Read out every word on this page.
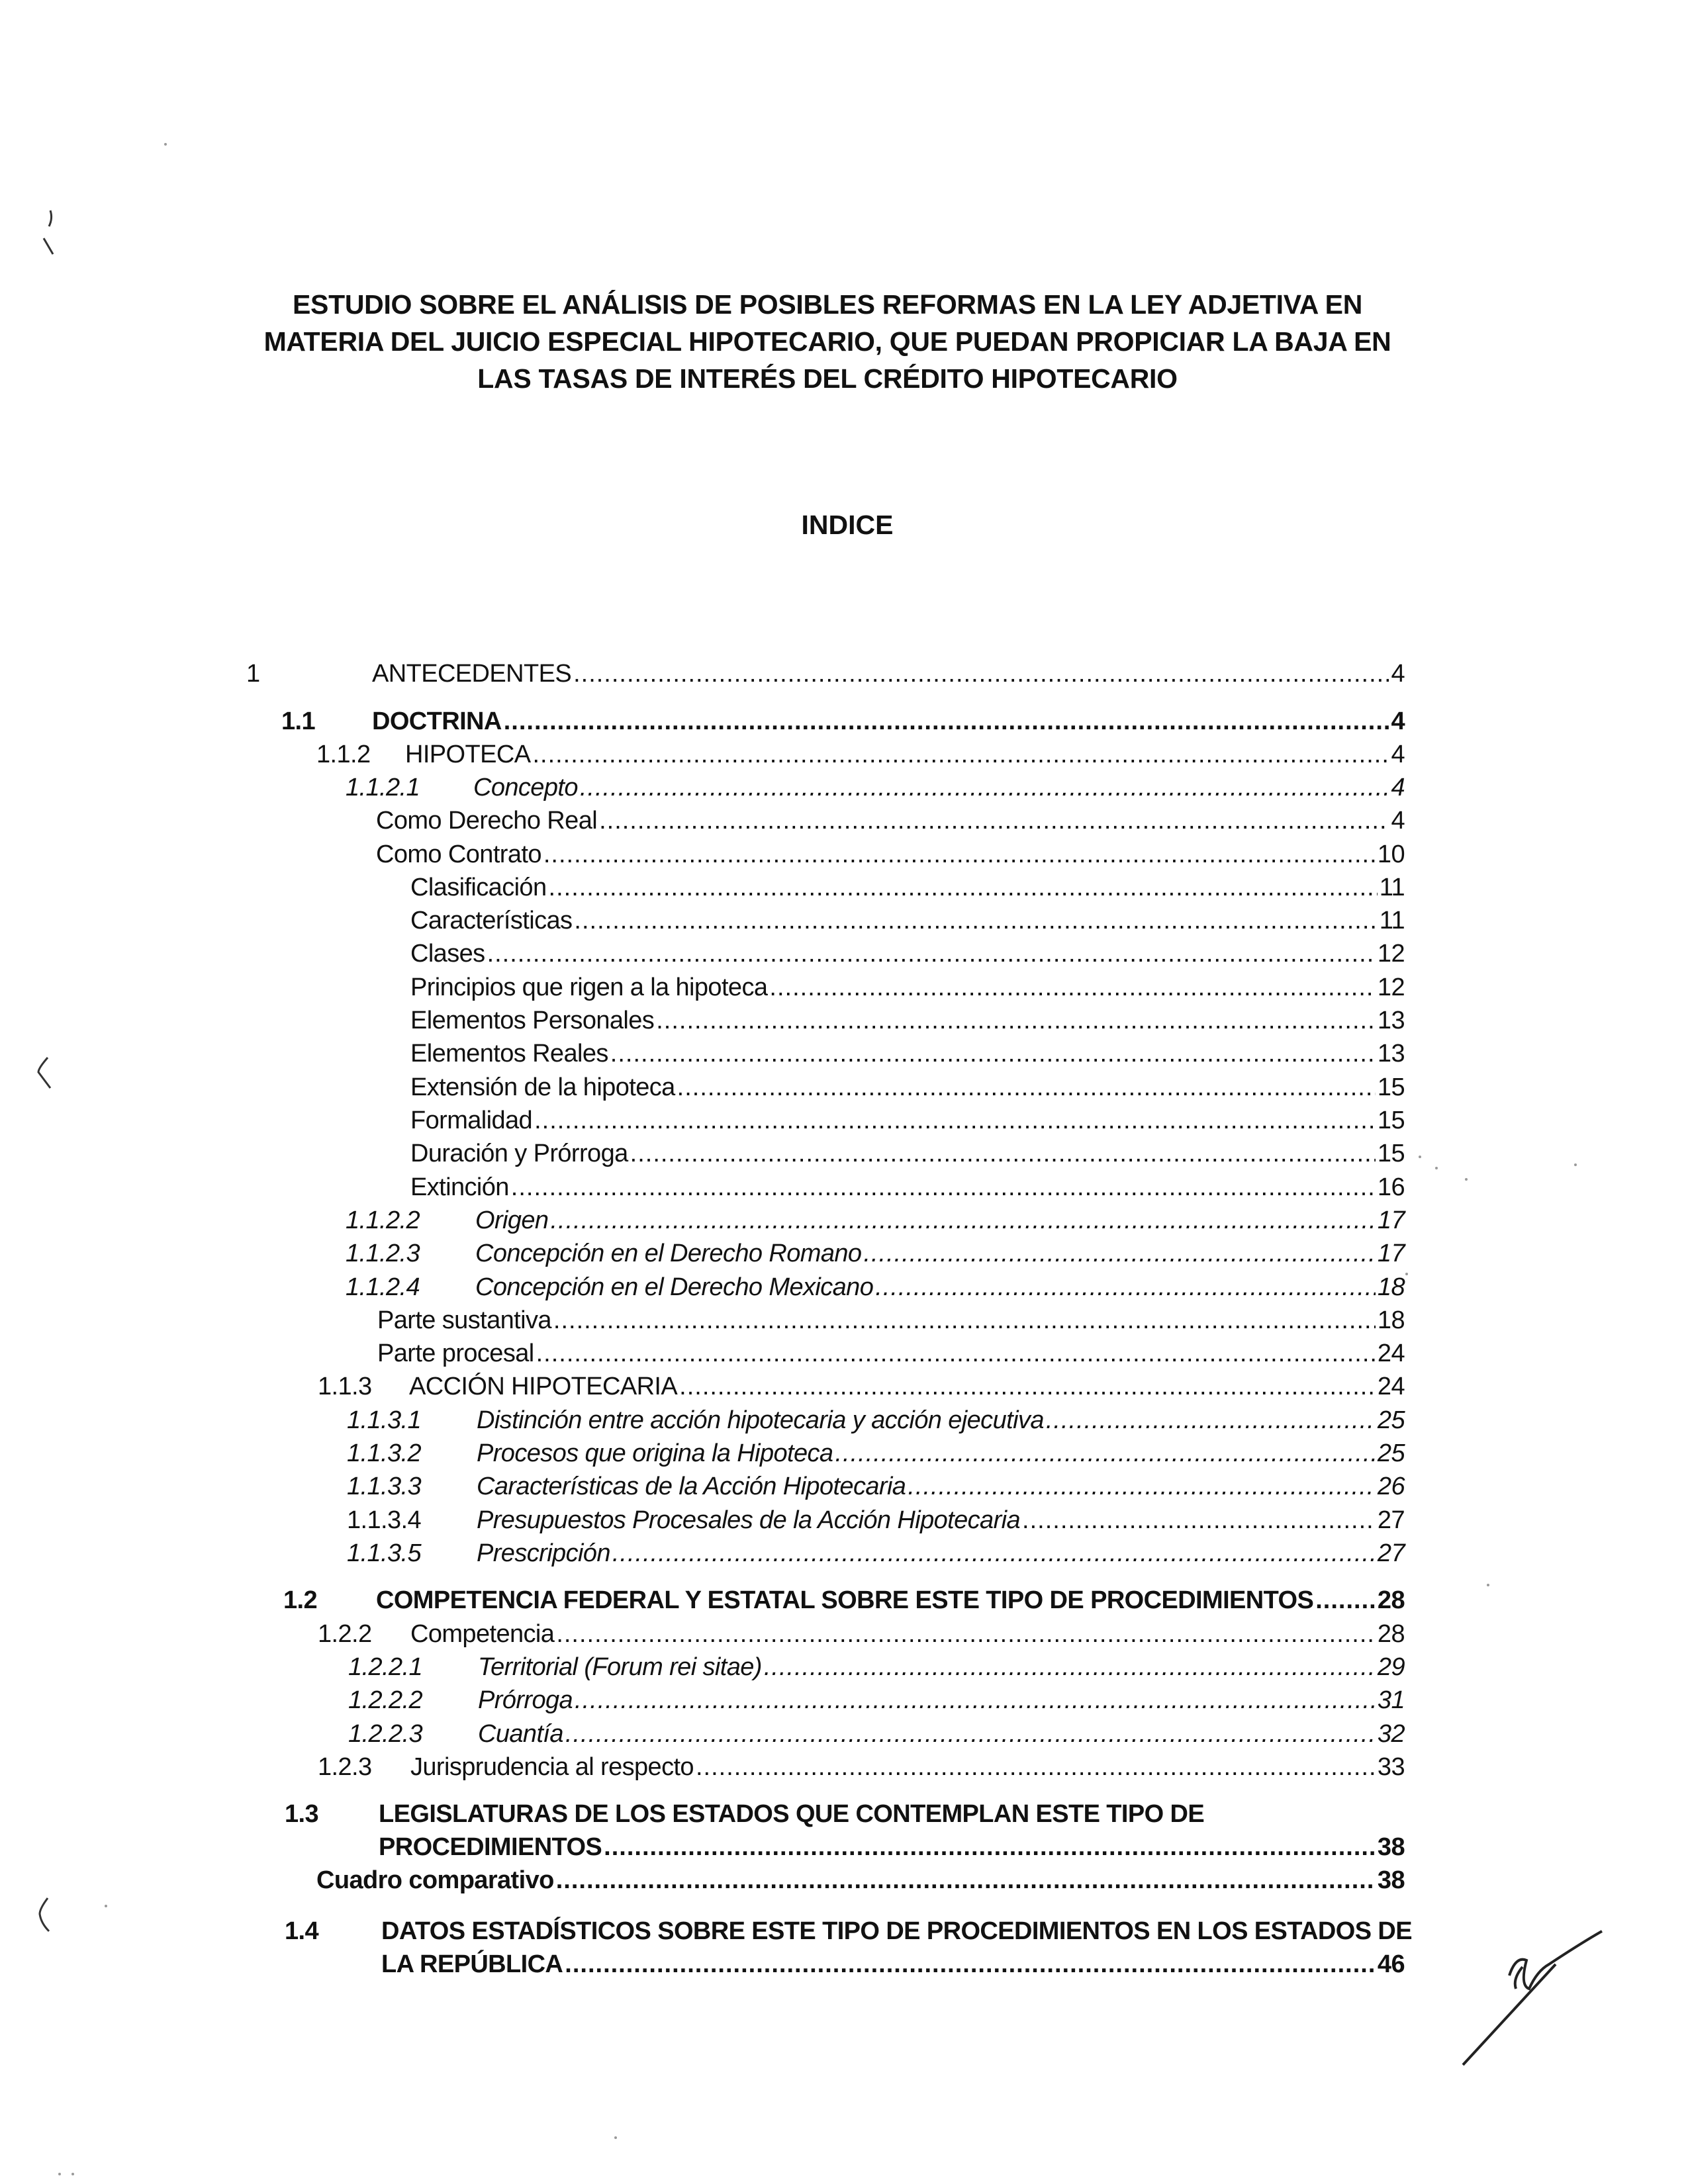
ESTUDIO SOBRE EL ANÁLISIS DE POSIBLES REFORMAS EN LA LEY ADJETIVA EN
MATERIA DEL JUICIO ESPECIAL HIPOTECARIO, QUE PUEDAN PROPICIAR LA BAJA EN
LAS TASAS DE INTERÉS DEL CRÉDITO HIPOTECARIO
INDICE
1	ANTECEDENTES .....	4
1.1	DOCTRINA .....	4
1.1.2	HIPOTECA .....	4
1.1.2.1	Concepto .....	4
Como Derecho Real .....	4
Como Contrato .....	10
Clasificación .....	11
Características .....	11
Clases .....	12
Principios que rigen a la hipoteca .....	12
Elementos Personales .....	13
Elementos Reales .....	13
Extensión de la hipoteca .....	15
Formalidad .....	15
Duración y Prórroga .....	15
Extinción .....	16
1.1.2.2	Origen .....	17
1.1.2.3	Concepción en el Derecho Romano .....	17
1.1.2.4	Concepción en el Derecho Mexicano .....	18
Parte sustantiva .....	18
Parte procesal .....	24
1.1.3	ACCIÓN HIPOTECARIA .....	24
1.1.3.1	Distinción entre acción hipotecaria y acción ejecutiva .....	25
1.1.3.2	Procesos que origina la Hipoteca .....	25
1.1.3.3	Características de la Acción Hipotecaria .....	26
1.1.3.4	Presupuestos Procesales de la Acción Hipotecaria .....	27
1.1.3.5	Prescripción .....	27
1.2	COMPETENCIA FEDERAL Y ESTATAL SOBRE ESTE TIPO DE PROCEDIMIENTOS .....	28
1.2.2	Competencia .....	28
1.2.2.1	Territorial (Forum rei sitae) .....	29
1.2.2.2	Prórroga .....	31
1.2.2.3	Cuantía .....	32
1.2.3	Jurisprudencia al respecto .....	33
1.3 LEGISLATURAS DE LOS ESTADOS QUE CONTEMPLAN ESTE TIPO DE
PROCEDIMIENTOS .....	38
Cuadro comparativo .....	38
1.4 DATOS ESTADÍSTICOS SOBRE ESTE TIPO DE PROCEDIMIENTOS EN LOS ESTADOS DE
LA REPÚBLICA .....	46
